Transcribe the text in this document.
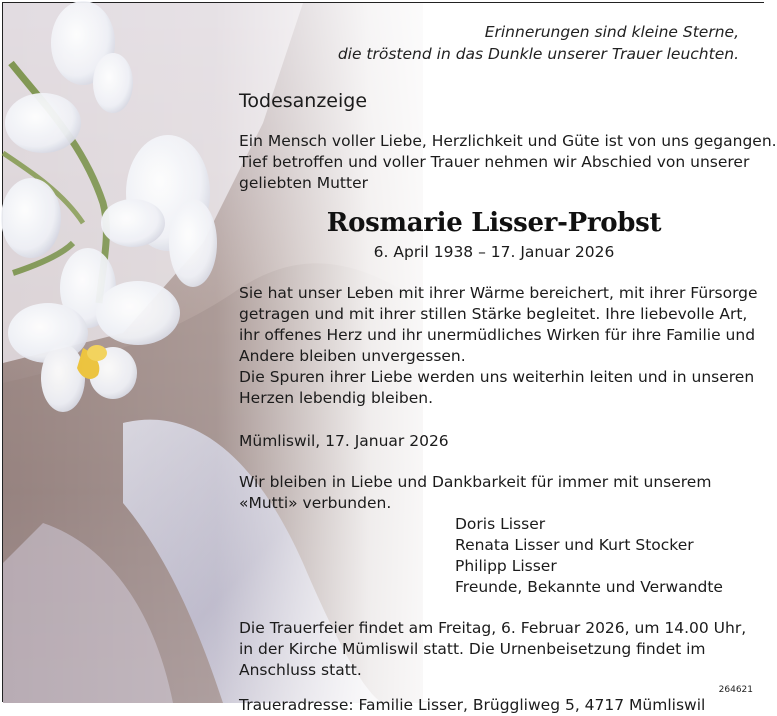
Erinnerungen sind kleine Sterne,
die tröstend in das Dunkle unserer Trauer leuchten.
Todesanzeige
Ein Mensch voller Liebe, Herzlichkeit und Güte ist von uns gegangen.
Tief betroffen und voller Trauer nehmen wir Abschied von unserer
geliebten Mutter
Rosmarie Lisser-Probst
6. April 1938 – 17. Januar 2026
Sie hat unser Leben mit ihrer Wärme bereichert, mit ihrer Fürsorge
getragen und mit ihrer stillen Stärke begleitet. Ihre liebevolle Art,
ihr offenes Herz und ihr unermüdliches Wirken für ihre Familie und
Andere bleiben unvergessen.
Die Spuren ihrer Liebe werden uns weiterhin leiten und in unseren
Herzen lebendig bleiben.
Mümliswil, 17. Januar 2026
Wir bleiben in Liebe und Dankbarkeit für immer mit unserem
«Mutti» verbunden.
Doris Lisser
Renata Lisser und Kurt Stocker
Philipp Lisser
Freunde, Bekannte und Verwandte
Die Trauerfeier findet am Freitag, 6. Februar 2026, um 14.00 Uhr,
in der Kirche Mümliswil statt. Die Urnenbeisetzung findet im
Anschluss statt.
Traueradresse: Familie Lisser, Brüggliweg 5, 4717 Mümliswil
264621
